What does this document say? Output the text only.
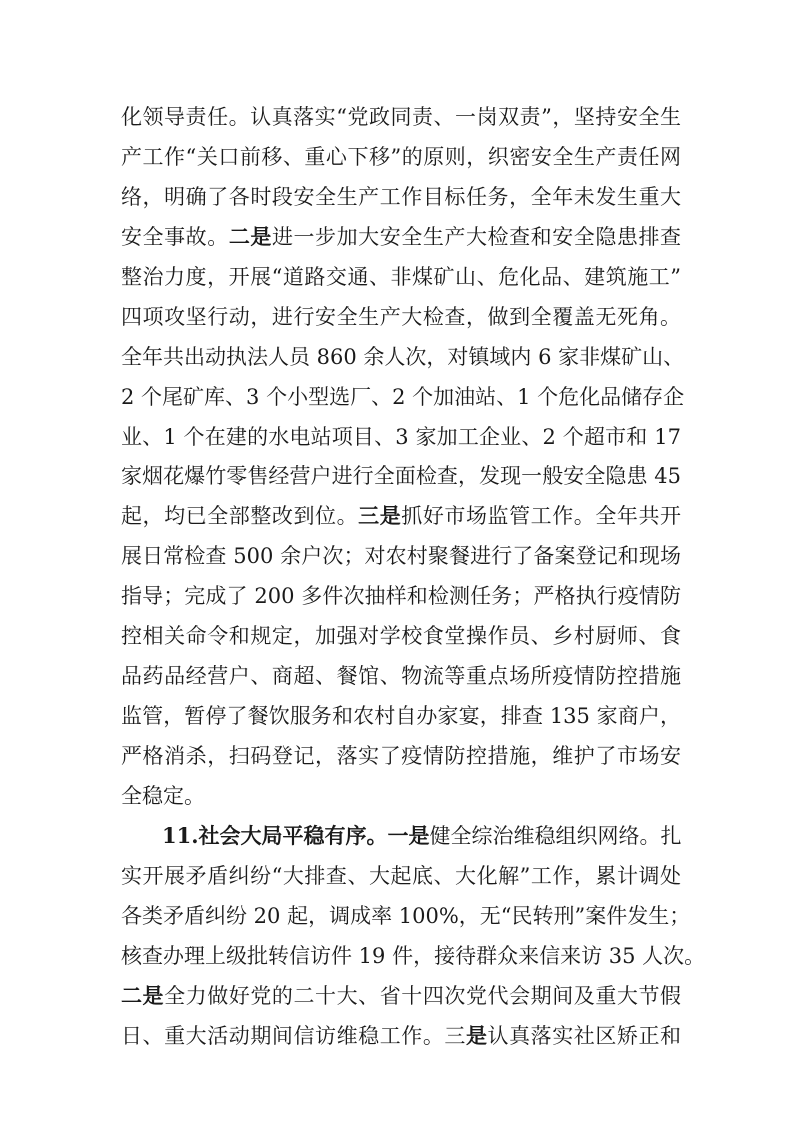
化领导责任。认真落实“党政同责、一岗双责”，坚持安全生
产工作“关口前移、重心下移”的原则，织密安全生产责任网
络，明确了各时段安全生产工作目标任务，全年未发生重大
安全事故。二是进一步加大安全生产大检查和安全隐患排查
整治力度，开展“道路交通、非煤矿山、危化品、建筑施工”
四项攻坚行动，进行安全生产大检查，做到全覆盖无死角。
全年共出动执法人员 860 余人次，对镇域内 6 家非煤矿山、
2 个尾矿库、3 个小型选厂、2 个加油站、1 个危化品储存企
业、1 个在建的水电站项目、3 家加工企业、2 个超市和 17
家烟花爆竹零售经营户进行全面检查，发现一般安全隐患 45
起，均已全部整改到位。三是抓好市场监管工作。全年共开
展日常检查 500 余户次；对农村聚餐进行了备案登记和现场
指导；完成了 200 多件次抽样和检测任务；严格执行疫情防
控相关命令和规定，加强对学校食堂操作员、乡村厨师、食
品药品经营户、商超、餐馆、物流等重点场所疫情防控措施
监管，暂停了餐饮服务和农村自办家宴，排查 135 家商户，
严格消杀，扫码登记，落实了疫情防控措施，维护了市场安
全稳定。
11.社会大局平稳有序。一是健全综治维稳组织网络。扎
实开展矛盾纠纷“大排查、大起底、大化解”工作，累计调处
各类矛盾纠纷 20 起，调成率 100%，无“民转刑”案件发生；
核查办理上级批转信访件 19 件，接待群众来信来访 35 人次。
二是全力做好党的二十大、省十四次党代会期间及重大节假
日、重大活动期间信访维稳工作。三是认真落实社区矫正和
